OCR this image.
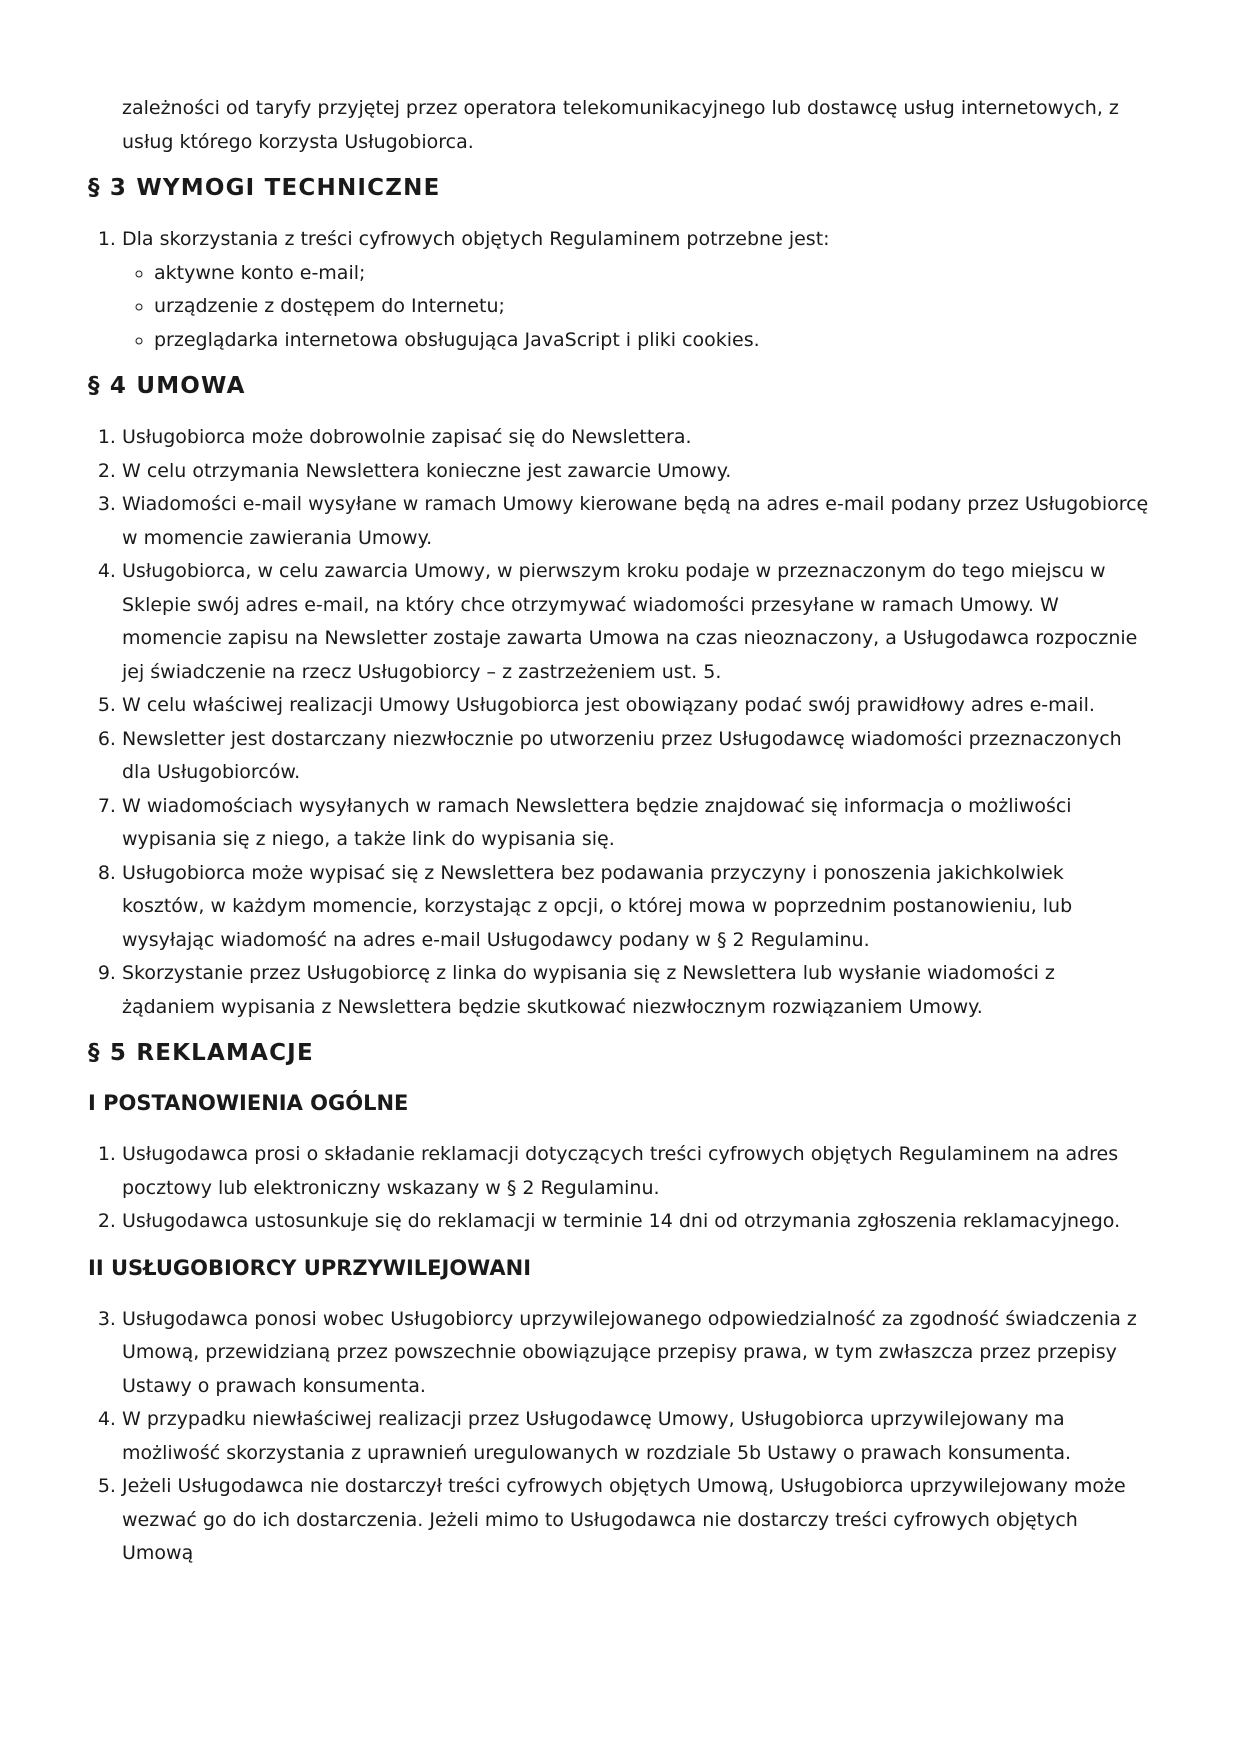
zależności od taryfy przyjętej przez operatora telekomunikacyjnego lub dostawcę usług internetowych, z usług którego korzysta Usługobiorca.

§ 3 WYMOGI TECHNICZNE
1. Dla skorzystania z treści cyfrowych objętych Regulaminem potrzebne jest:
◦ aktywne konto e-mail;
◦ urządzenie z dostępem do Internetu;
◦ przeglądarka internetowa obsługująca JavaScript i pliki cookies.
§ 4 UMOWA
1. Usługobiorca może dobrowolnie zapisać się do Newslettera.
2. W celu otrzymania Newslettera konieczne jest zawarcie Umowy.
3. Wiadomości e-mail wysyłane w ramach Umowy kierowane będą na adres e-mail podany przez Usługobiorcę w momencie zawierania Umowy.
4. Usługobiorca, w celu zawarcia Umowy, w pierwszym kroku podaje w przeznaczonym do tego miejscu w Sklepie swój adres e-mail, na który chce otrzymywać wiadomości przesyłane w ramach Umowy. W momencie zapisu na Newsletter zostaje zawarta Umowa na czas nieoznaczony, a Usługodawca rozpocznie jej świadczenie na rzecz Usługobiorcy – z zastrzeżeniem ust. 5.
5. W celu właściwej realizacji Umowy Usługobiorca jest obowiązany podać swój prawidłowy adres e-mail.
6. Newsletter jest dostarczany niezwłocznie po utworzeniu przez Usługodawcę wiadomości przeznaczonych dla Usługobiorców.
7. W wiadomościach wysyłanych w ramach Newslettera będzie znajdować się informacja o możliwości wypisania się z niego, a także link do wypisania się.
8. Usługobiorca może wypisać się z Newslettera bez podawania przyczyny i ponoszenia jakichkolwiek kosztów, w każdym momencie, korzystając z opcji, o której mowa w poprzednim postanowieniu, lub wysyłając wiadomość na adres e-mail Usługodawcy podany w § 2 Regulaminu.
9. Skorzystanie przez Usługobiorcę z linka do wypisania się z Newslettera lub wysłanie wiadomości z żądaniem wypisania z Newslettera będzie skutkować niezwłocznym rozwiązaniem Umowy.
§ 5 REKLAMACJE
I POSTANOWIENIA OGÓLNE
1. Usługodawca prosi o składanie reklamacji dotyczących treści cyfrowych objętych Regulaminem na adres pocztowy lub elektroniczny wskazany w § 2 Regulaminu.
2. Usługodawca ustosunkuje się do reklamacji w terminie 14 dni od otrzymania zgłoszenia reklamacyjnego.
II USŁUGOBIORCY UPRZYWILEJOWANI
3. Usługodawca ponosi wobec Usługobiorcy uprzywilejowanego odpowiedzialność za zgodność świadczenia z Umową, przewidzianą przez powszechnie obowiązujące przepisy prawa, w tym zwłaszcza przez przepisy Ustawy o prawach konsumenta.
4. W przypadku niewłaściwej realizacji przez Usługodawcę Umowy, Usługobiorca uprzywilejowany ma możliwość skorzystania z uprawnień uregulowanych w rozdziale 5b Ustawy o prawach konsumenta.
5. Jeżeli Usługodawca nie dostarczył treści cyfrowych objętych Umową, Usługobiorca uprzywilejowany może wezwać go do ich dostarczenia. Jeżeli mimo to Usługodawca nie dostarczy treści cyfrowych objętych Umową
